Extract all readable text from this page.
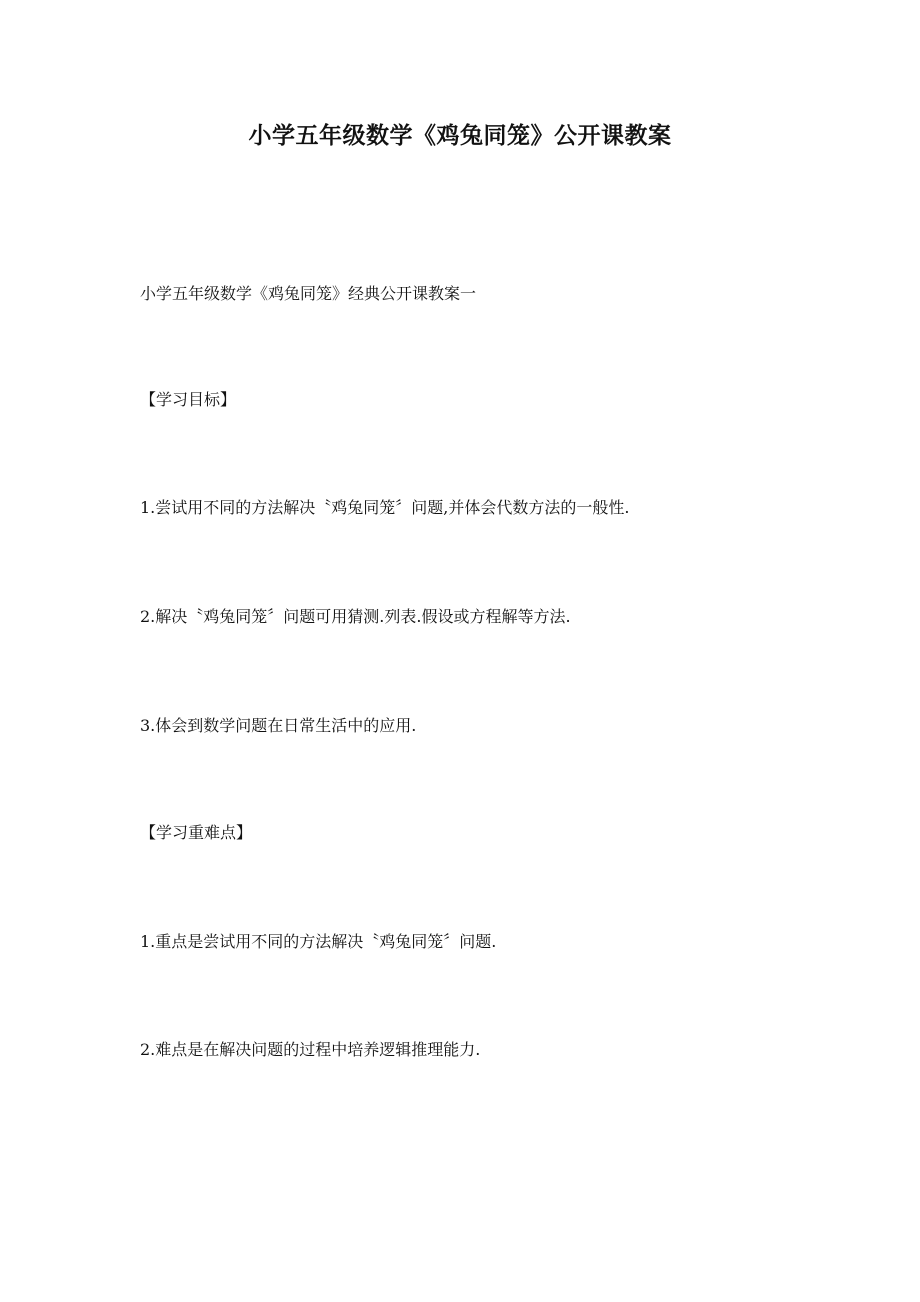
小学五年级数学《鸡兔同笼》公开课教案
小学五年级数学《鸡兔同笼》经典公开课教案一
【学习目标】
1.尝试用不同的方法解决〝鸡兔同笼〞问题,并体会代数方法的一般性.
2.解决〝鸡兔同笼〞问题可用猜测.列表.假设或方程解等方法.
3.体会到数学问题在日常生活中的应用.
【学习重难点】
1.重点是尝试用不同的方法解决〝鸡兔同笼〞问题.
2.难点是在解决问题的过程中培养逻辑推理能力.
